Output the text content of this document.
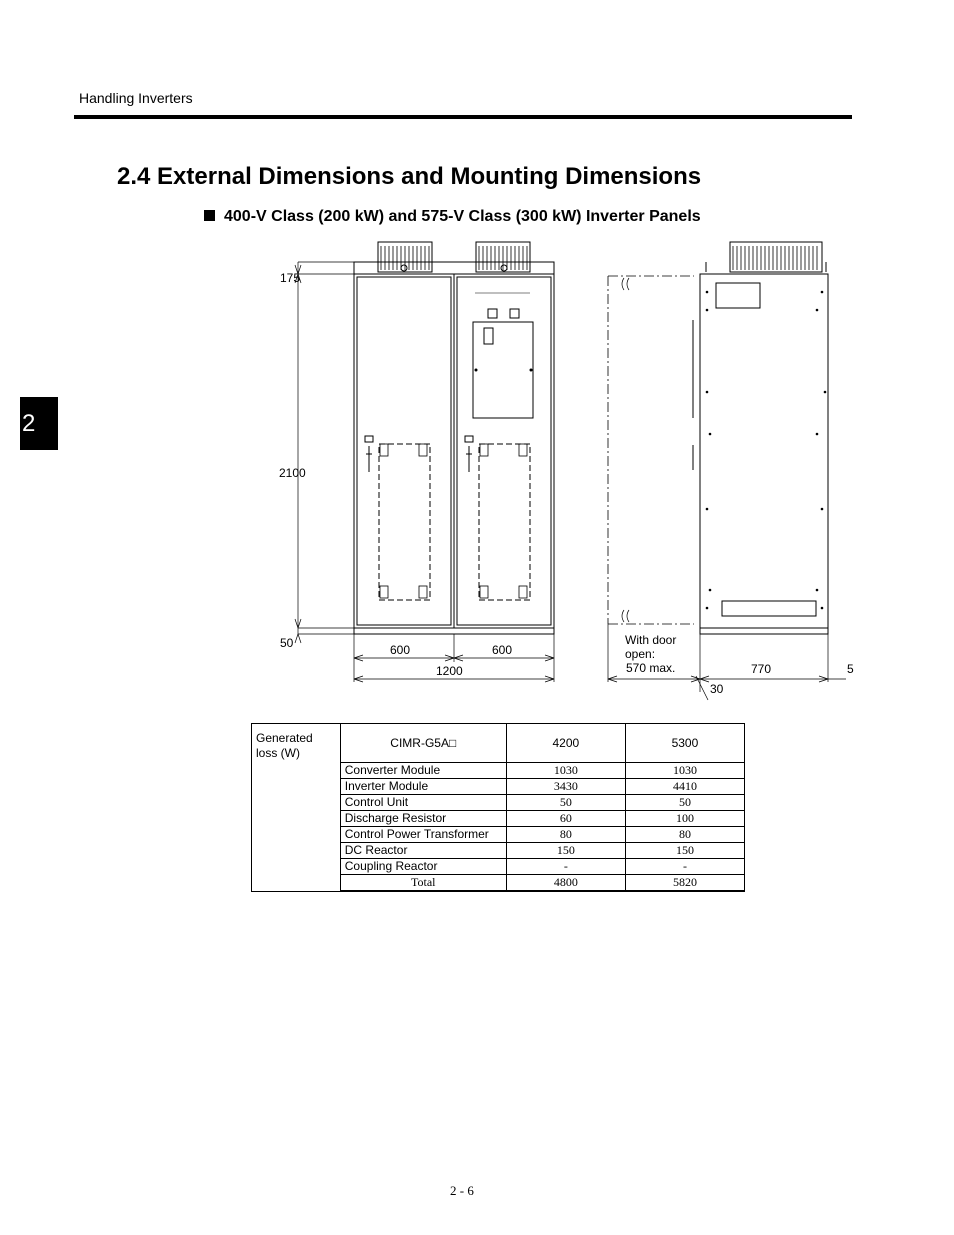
Handling Inverters
2
2.4 External Dimensions and Mounting Dimensions
400-V Class (200 kW) and 575-V Class (300 kW) Inverter Panels
175
2100
50	600	600
1200
With door
open:
570 max.	770
30
5
Generated loss (W)	CIMR-G5A□	4200	5300
	Converter Module	1030	1030
	Inverter Module	3430	4410
	Control Unit	50	50
	Discharge Resistor	60	100
	Control Power Transformer	80	80
	DC Reactor	150	150
	Coupling Reactor	-	-
	Total	4800	5820
2 - 6
